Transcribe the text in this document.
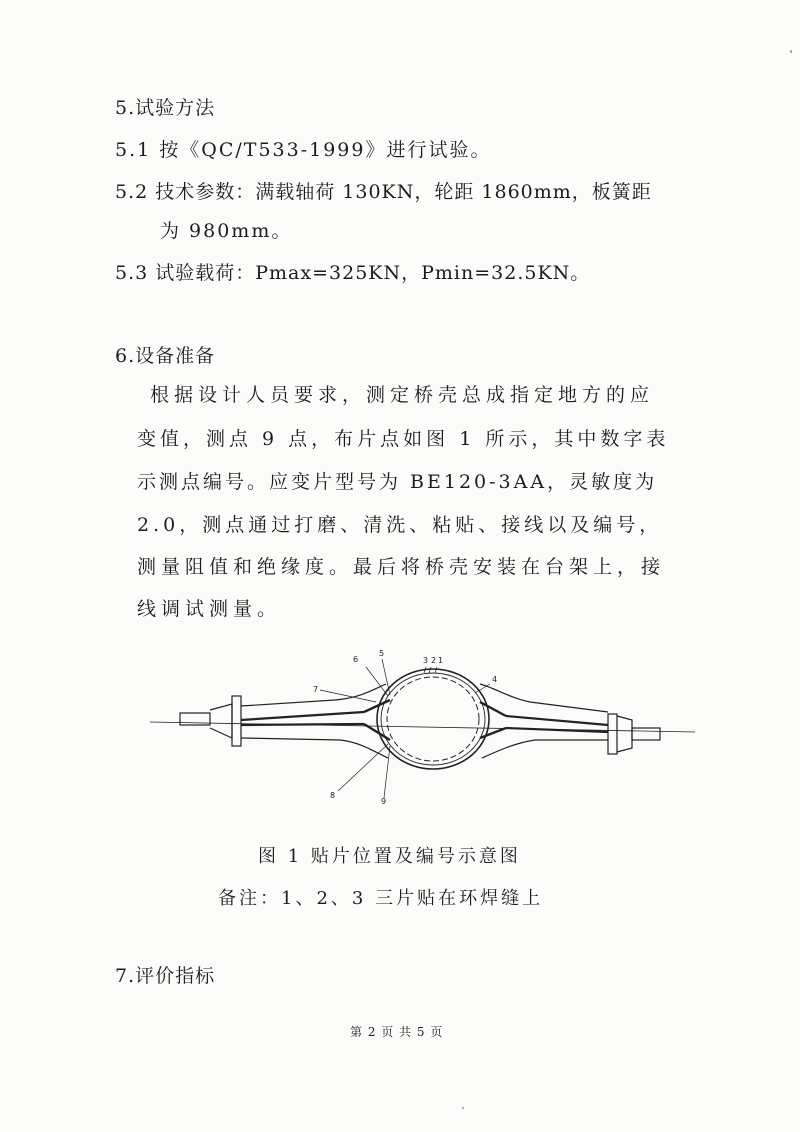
5.试验方法
5.1 按《QC/T533-1999》进行试验。
5.2 技术参数：满载轴荷 130KN，轮距 1860mm，板簧距
为 980mm。
5.3 试验载荷：Pmax=325KN，Pmin=32.5KN。
6.设备准备
根据设计人员要求，测定桥壳总成指定地方的应
变值，测点 9 点，布片点如图 1 所示，其中数字表
示测点编号。应变片型号为 BE120-3AA，灵敏度为
2.0，测点通过打磨、清洗、粘贴、接线以及编号，
测量阻值和绝缘度。最后将桥壳安装在台架上，接
线调试测量。
1
2
3
4
5
6
7
8
9
图 1 贴片位置及编号示意图
备注：1、2、3 三片贴在环焊缝上
7.评价指标
第 2 页 共 5 页
